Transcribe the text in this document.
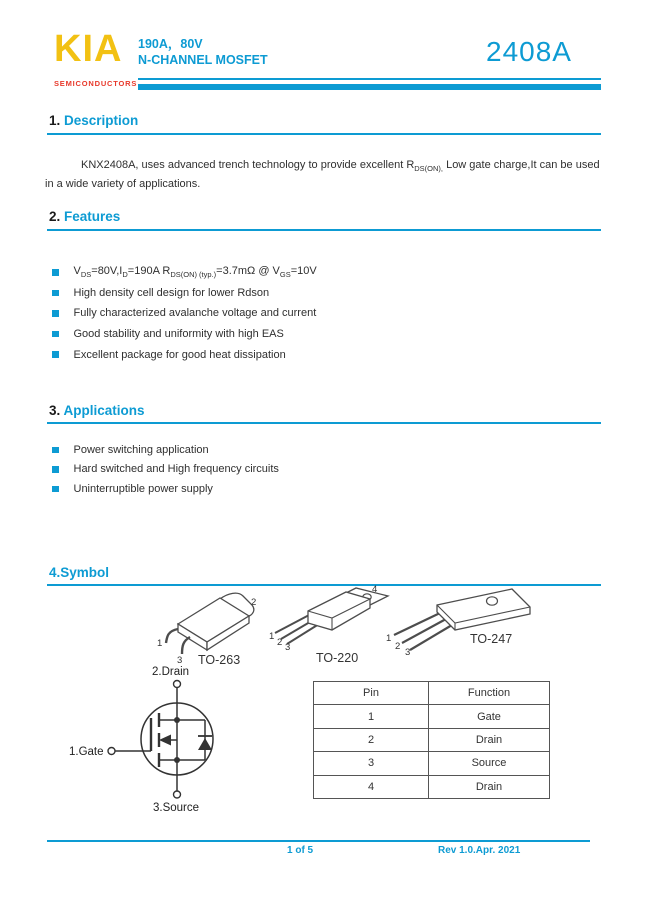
KIA
SEMICONDUCTORS
190A，80V
N-CHANNEL MOSFET	2408A
1. Description
KNX2408A, uses advanced trench technology to provide excellent $R_{DS(ON),}$ Low gate charge,It can be used in a wide variety of applications.
2. Features
$V_{DS}=80V,I_D=190A$ $R_{DS(ON) (typ.)}=3.7m\Omega$ @ $V_{GS}=10V$
High density cell design for lower Rdson
Fully characterized avalanche voltage and current
Good stability and uniformity with high EAS
Excellent package for good heat dissipation
3. Applications
Power switching application
Hard switched and High frequency circuits
Uninterruptible power supply
4.Symbol
2
1
3 TO-263
4
1
2 3
TO-220
1
2
3
TO-247
2.Drain
3.Source
1.Gate
Pin	Function
1	Gate
2	Drain
3	Source
4	Drain
1 of 5	Rev 1.0.Apr. 2021
